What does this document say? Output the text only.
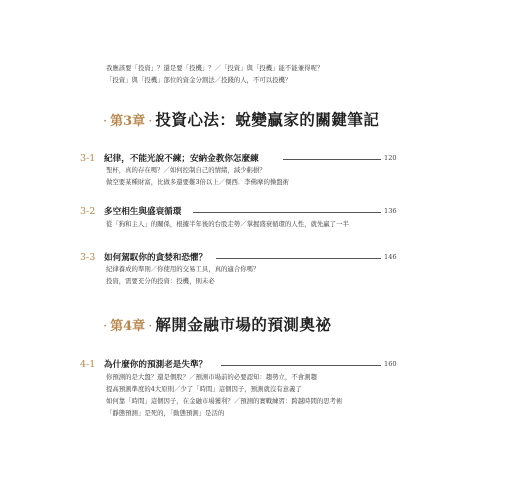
我應該要「投資」？還是要「投機」？／「投資」與「投機」能不能兼得呢？
「投資」與「投機」部位的資金分割法／投錢的人，不可以投機？
· 第3章 · 投資心法：蛻變贏家的關鍵筆記
3-1	紀律，不能光說不練；安納金教你怎麼練	120
聖杯，真的存在嗎？／如何控制自己的情緒，減少虧損？
做空要某種財富，比做多還要難3倍以上／傑西．李佛摩的操盤術
3-2	多空相生與盛衰循環	136
從「狗和主人」的關係，根據半年後的台股走勢／掌握盛衰循環的人性，就先贏了一半
3-3	如何駕馭你的貪婪和恐懼？	146
紀律養成的準則／你使用的交易工具，真的適合你嗎？
投資，需要充分的投資：投機，則未必
· 第4章 · 解開金融市場的預測奧祕
4-1	為什麼你的預測老是失準？	160
你預測的是大盤？還是個股？／預測市場前的必要認知：趨勢立，不會測趨
提高預測準度的4大原則／少了「時間」這個因子，預測就沒有意義了
如何靠「時間」這個因子，在金融市場獲利？／預測的實戰練習：跨越時間的思考術
「靜態預測」是死的，「動態預測」是活的
